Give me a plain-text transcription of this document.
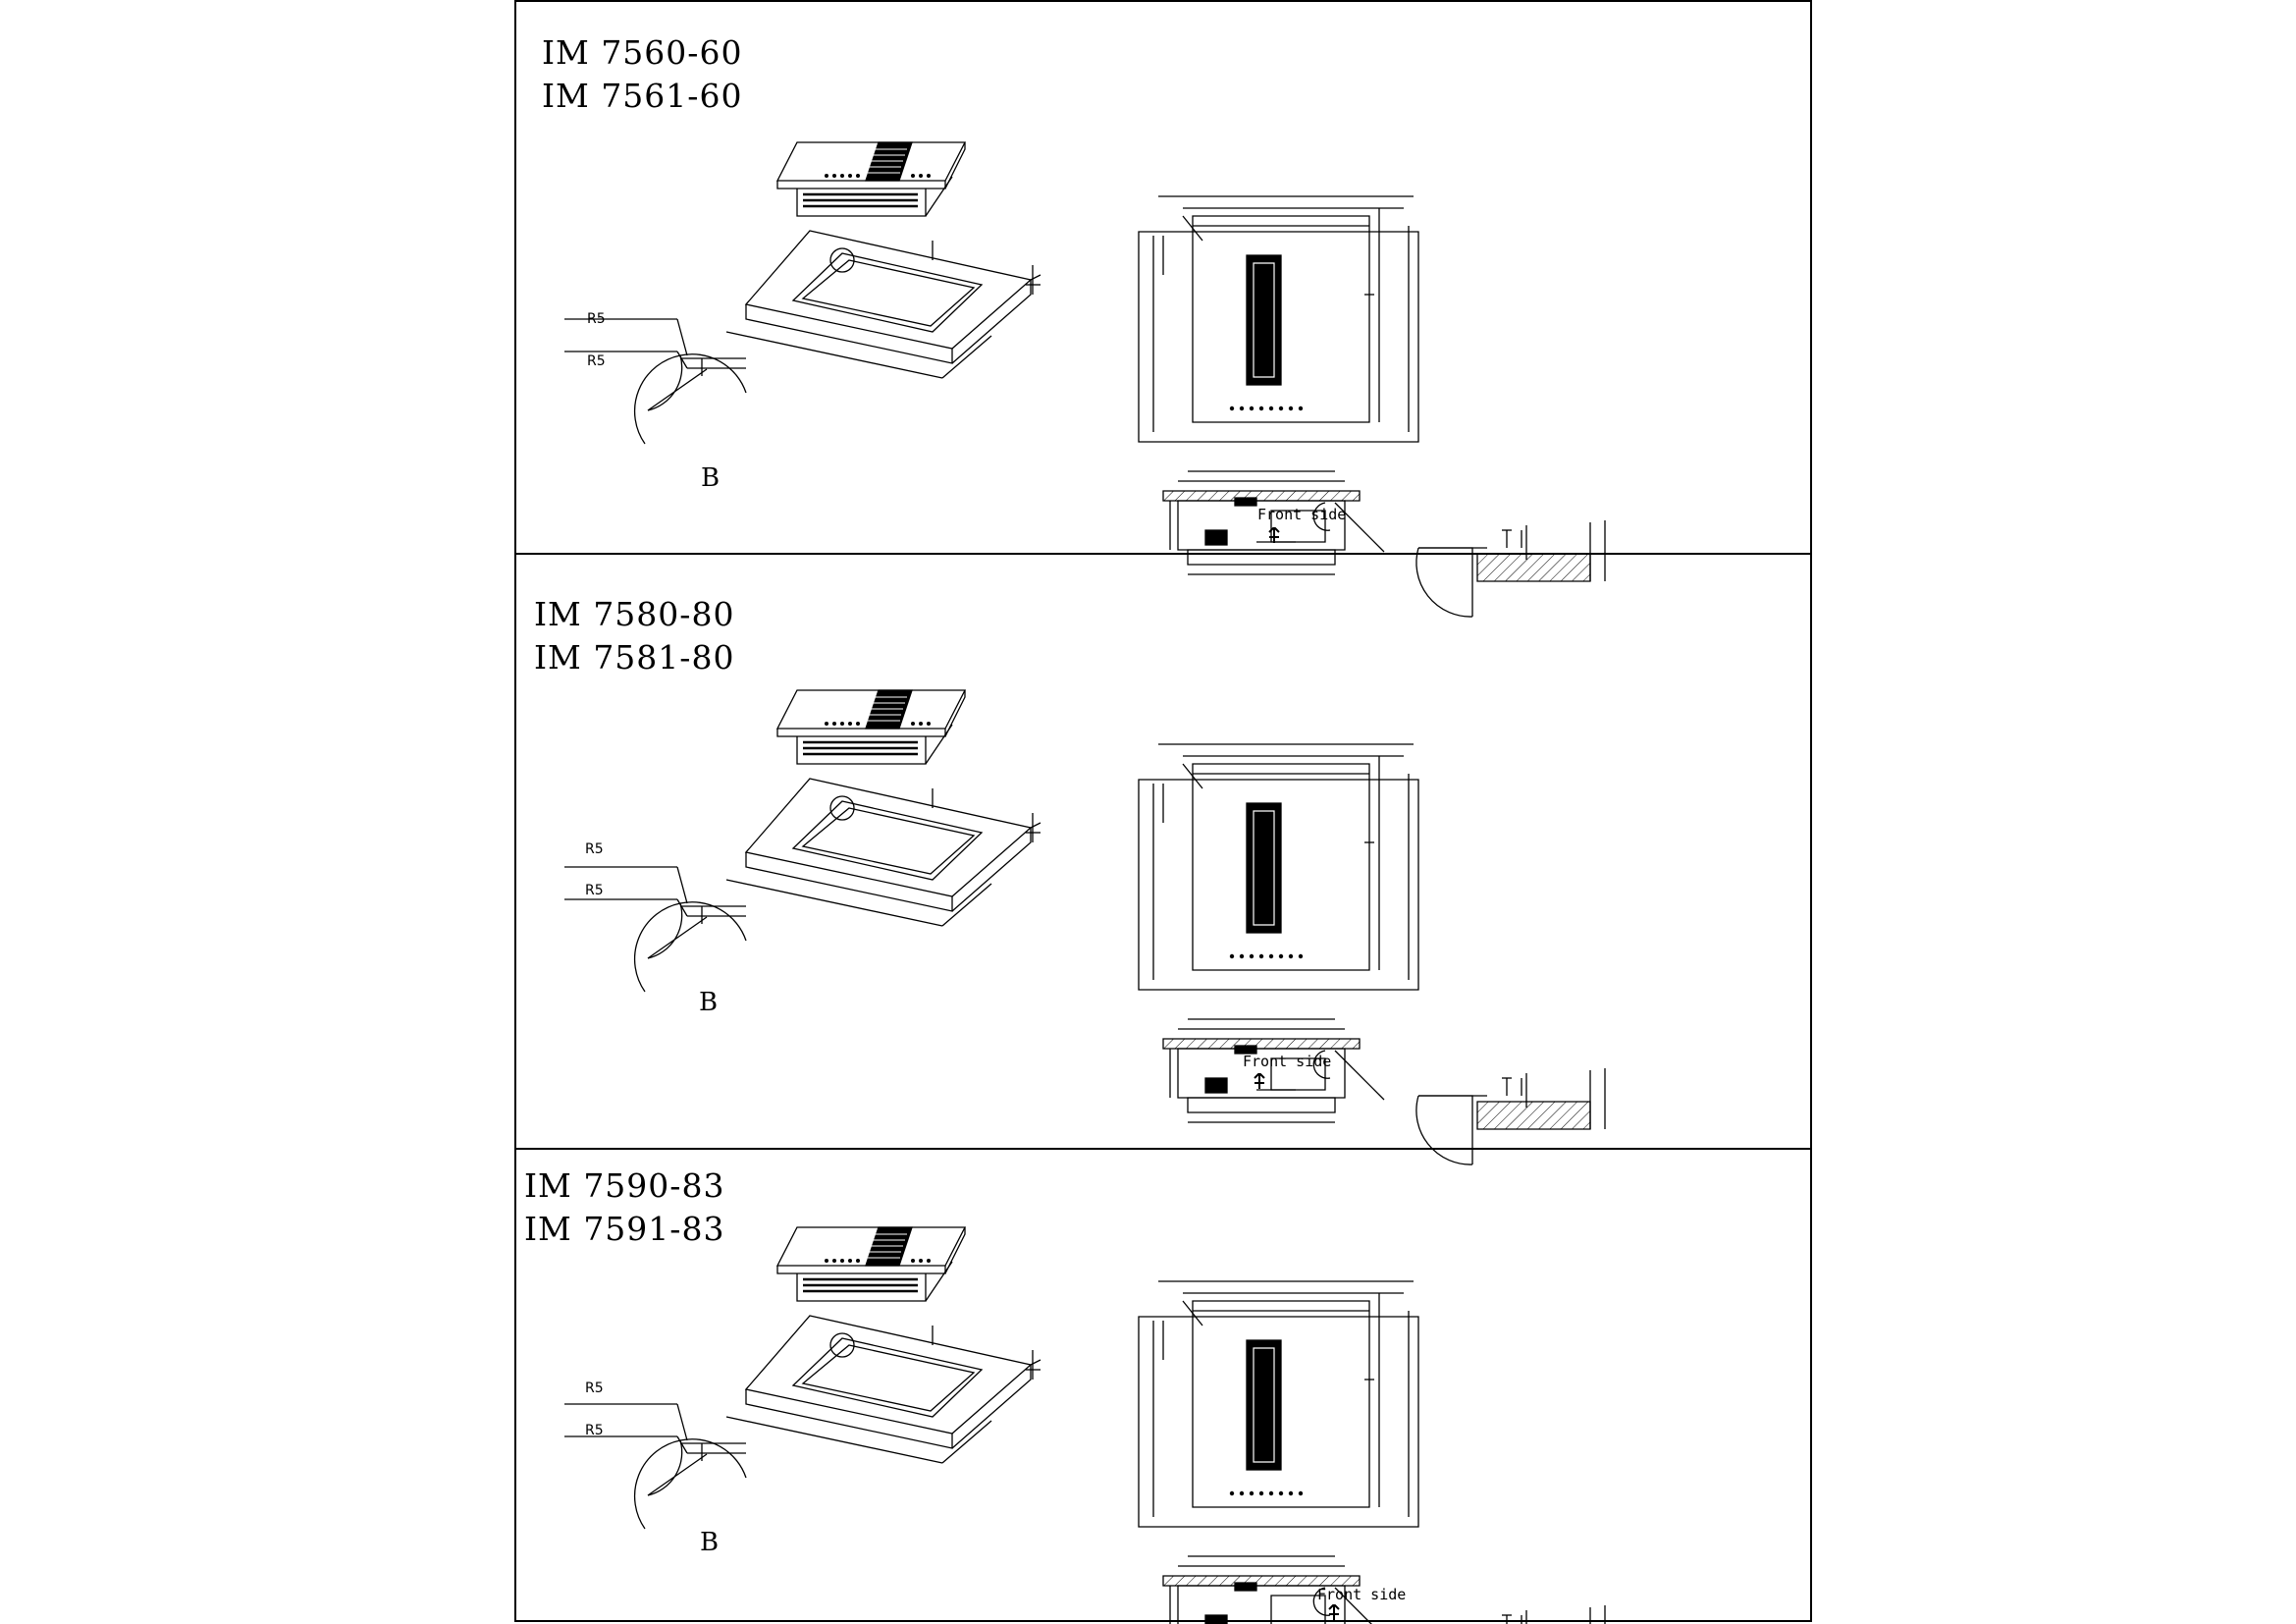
IM 7560-60
IM 7561-60
R5
R5
B
Front side
IM 7580-80
IM 7581-80
R5
R5
B
Front side
IM 7590-83
IM 7591-83
R5
R5
B
Front side
